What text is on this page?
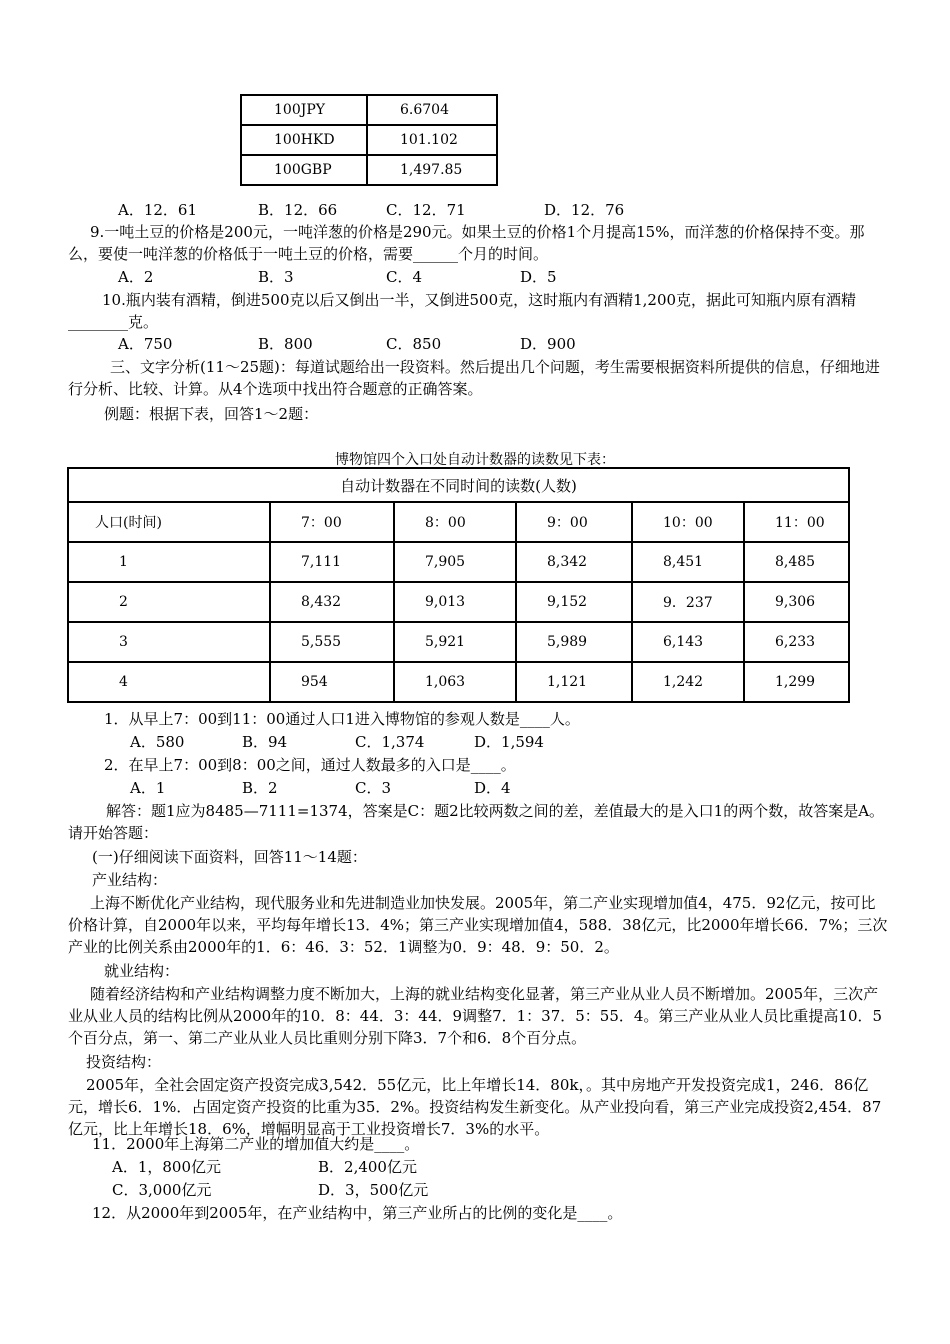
100JPY	6.6704
100HKD	101.102
100GBP	1,497.85
A．12．61	B．12．66	C．12．71	D．12．76
9.一吨土豆的价格是200元，一吨洋葱的价格是290元。如果土豆的价格1个月提高15%，而洋葱的价格保持不变。那么，要使一吨洋葱的价格低于一吨土豆的价格，需要______个月的时间。
A．2	B．3	C．4	D．5
10.瓶内装有酒精，倒进500克以后又倒出一半，又倒进500克，这时瓶内有酒精1,200克，据此可知瓶内原有酒精________克。
A．750	B．800	C．850	D．900
三、文字分析(11～25题)：每道试题给出一段资料。然后提出几个问题，考生需要根据资料所提供的信息，仔细地进行分析、比较、计算。从4个选项中找出符合题意的正确答案。
例题：根据下表，回答1～2题：
博物馆四个入口处自动计数器的读数见下表：
自动计数器在不同时间的读数(人数)					
人口(时间)	7：00	8：00	9：00	10：00	11：00
1	7,111	7,905	8,342	8,451	8,485
2	8,432	9,013	9,152	9．237	9,306
3	5,555	5,921	5,989	6,143	6,233
4	954	1,063	1,121	1,242	1,299
1．从早上7：00到11：00通过人口1进入博物馆的参观人数是____人。
A．580	B．94	C．1,374	D．1,594
2．在早上7：00到8：00之间，通过人数最多的入口是____。
A．1	B．2	C．3	D．4
解答：题1应为8485—7111=1374，答案是C：题2比较两数之间的差，差值最大的是入口1的两个数，故答案是A。请开始答题：
(一)仔细阅读下面资料，回答11～14题：
产业结构：
上海不断优化产业结构，现代服务业和先进制造业加快发展。2005年，第二产业实现增加值4，475．92亿元，按可比价格计算，自2000年以来，平均每年增长13．4%；第三产业实现增加值4，588．38亿元，比2000年增长66．7%；三次产业的比例关系由2000年的1．6：46．3：52．1调整为0．9：48．9：50．2。
就业结构：
随着经济结构和产业结构调整力度不断加大，上海的就业结构变化显著，第三产业从业人员不断增加。2005年，三次产业从业人员的结构比例从2000年的10．8：44．3：44．9调整7．1：37．5：55．4。第三产业从业人员比重提高10．5个百分点，第一、第二产业从业人员比重则分别下降3．7个和6．8个百分点。
投资结构：
2005年，全社会固定资产投资完成3,542．55亿元，比上年增长14．80k，。其中房地产开发投资完成1，246．86亿元，增长6．1%．占固定资产投资的比重为35．2%。投资结构发生新变化。从产业投向看，第三产业完成投资2,454．87亿元，比上年增长18．6%，增幅明显高于工业投资增长7．3%的水平。
11．2000年上海第二产业的增加值大约是____。
A．1，800亿元	B．2,400亿元
C．3,000亿元	D．3，500亿元
12．从2000年到2005年，在产业结构中，第三产业所占的比例的变化是____。
